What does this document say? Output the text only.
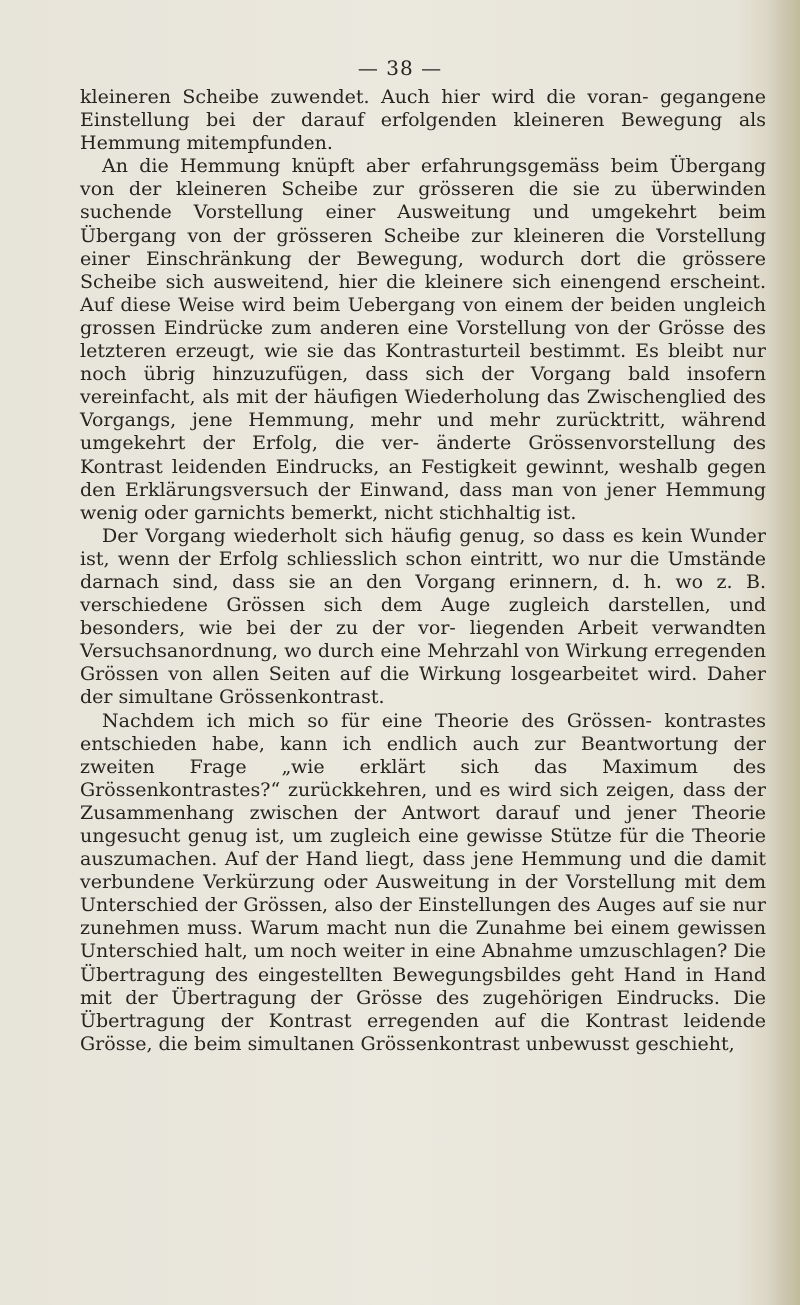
— 38 —

kleineren Scheibe zuwendet. Auch hier wird die voran- gegangene Einstellung bei der darauf erfolgenden kleineren Bewegung als Hemmung mitempfunden.

An die Hemmung knüpft aber erfahrungsgemäss beim Übergang von der kleineren Scheibe zur grösseren die sie zu überwinden suchende Vorstellung einer Ausweitung und umgekehrt beim Übergang von der grösseren Scheibe zur kleineren die Vorstellung einer Einschränkung der Bewegung, wodurch dort die grössere Scheibe sich ausweitend, hier die kleinere sich einengend erscheint. Auf diese Weise wird beim Uebergang von einem der beiden ungleich grossen Eindrücke zum anderen eine Vorstellung von der Grösse des letzteren erzeugt, wie sie das Kontrasturteil bestimmt. Es bleibt nur noch übrig hinzuzufügen, dass sich der Vorgang bald insofern vereinfacht, als mit der häufigen Wiederholung das Zwischenglied des Vorgangs, jene Hemmung, mehr und mehr zurücktritt, während umgekehrt der Erfolg, die ver- änderte Grössenvorstellung des Kontrast leidenden Eindrucks, an Festigkeit gewinnt, weshalb gegen den Erklärungsversuch der Einwand, dass man von jener Hemmung wenig oder garnichts bemerkt, nicht stichhaltig ist.

Der Vorgang wiederholt sich häufig genug, so dass es kein Wunder ist, wenn der Erfolg schliesslich schon eintritt, wo nur die Umstände darnach sind, dass sie an den Vorgang erinnern, d. h. wo z. B. verschiedene Grössen sich dem Auge zugleich darstellen, und besonders, wie bei der zu der vor- liegenden Arbeit verwandten Versuchsanordnung, wo durch eine Mehrzahl von Wirkung erregenden Grössen von allen Seiten auf die Wirkung losgearbeitet wird. Daher der simultane Grössenkontrast.

Nachdem ich mich so für eine Theorie des Grössen- kontrastes entschieden habe, kann ich endlich auch zur Beantwortung der zweiten Frage „wie erklärt sich das Maximum des Grössenkontrastes?“ zurückkehren, und es wird sich zeigen, dass der Zusammenhang zwischen der Antwort darauf und jener Theorie ungesucht genug ist, um zugleich eine gewisse Stütze für die Theorie auszumachen. Auf der Hand liegt, dass jene Hemmung und die damit verbundene Verkürzung oder Ausweitung in der Vorstellung mit dem Unterschied der Grössen, also der Einstellungen des Auges auf sie nur zunehmen muss. Warum macht nun die Zunahme bei einem gewissen Unterschied halt, um noch weiter in eine Abnahme umzuschlagen? Die Übertragung des eingestellten Bewegungsbildes geht Hand in Hand mit der Übertragung der Grösse des zugehörigen Eindrucks. Die Übertragung der Kontrast erregenden auf die Kontrast leidende Grösse, die beim simultanen Grössenkontrast unbewusst geschieht,
